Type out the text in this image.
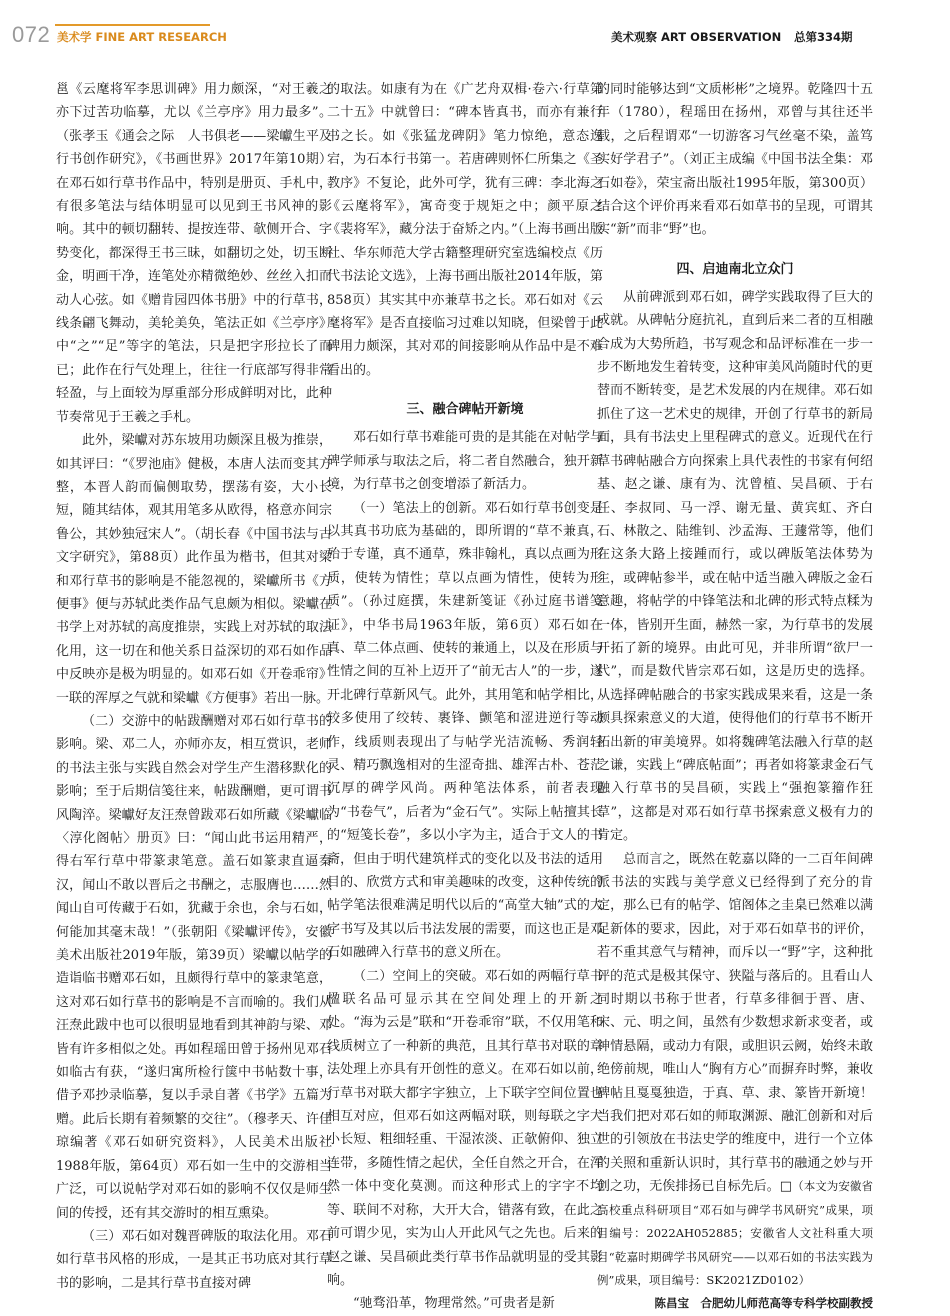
072 美术学 FINE ART RESEARCH	美术观察 ART OBSERVATION 总第334期

邕《云麾将军李思训碑》用力颇深，“对王羲之亦下过苦功临摹，尤以《兰亭序》用力最多”。（张孝玉《通会之际　人书俱老——梁巘生平及行书创作研究》，《书画世界》2017年第10期）在邓石如行草书作品中，特别是册页、手札中，有很多笔法与结体明显可以见到王书风神的影响。其中的顿切翻转、提按连带、欹侧开合、字势变化，都深得王书三昧，如翻切之处，切玉断金，明画干净，连笔处亦精微绝妙、丝丝入扣而动人心弦。如《赠肯园四体书册》中的行草书，线条翩飞舞动，美轮美奂，笔法正如《兰亭序》中“之”“足”等字的笔法，只是把字形拉长了而已；此作在行气处理上，往往一行底部写得非常轻盈，与上面较为厚重部分形成鲜明对比，此种节奏常见于王羲之手札。

此外，梁巘对苏东坡用功颇深且极为推崇，如其评曰：“《罗池庙》健极，本唐人法而变其方整，本晋人韵而偏侧取势，摆荡有姿，大小长短，随其结体，观其用笔多从欧得，格意亦间宗鲁公，其妙独冠宋人”。（胡长春《中国书法与古文字研究》，第88页）此作虽为楷书，但其对梁和邓行草书的影响是不能忽视的，梁巘所书《方便事》便与苏轼此类作品气息颇为相似。梁巘在书学上对苏轼的高度推崇，实践上对苏轼的取法化用，这一切在和他关系日益深切的邓石如作品中反映亦是极为明显的。如邓石如《开卷乖帘》一联的浑厚之气就和梁巘《方便事》若出一脉。

（二）交游中的帖跋酬赠对邓石如行草书的影响。梁、邓二人，亦师亦友，相互赏识，老师的书法主张与实践自然会对学生产生潜移默化的影响；至于后期信笺往来，帖跋酬赠，更可谓书风陶淬。梁巘好友汪焘曾跋邓石如所藏《梁巘临〈淳化阁帖〉册页》曰：“闻山此书运用精严，得右军行草中带篆隶笔意。盖石如篆隶直逼秦汉，闻山不敢以晋后之书酬之，志服膺也……然闻山自可传藏于石如，犹藏于余也，余与石如，何能加其毫末哉！”（张朝阳《梁巘评传》，安徽美术出版社2019年版，第39页）梁巘以帖学的造诣临书赠邓石如，且颇得行草中的篆隶笔意，这对邓石如行草书的影响是不言而喻的。我们从汪焘此跋中也可以很明显地看到其神韵与梁、邓皆有许多相似之处。再如程瑶田曾于扬州见邓石如临古有获，“遂归寓所检行箧中书帖数十事，借予邓抄录临摹，复以手录自著《书学》五篇为赠。此后长期有着频繁的交往”。（穆孝天、许佳琼编著《邓石如研究资料》，人民美术出版社1988年版，第64页）邓石如一生中的交游相当广泛，可以说帖学对邓石如的影响不仅仅是师生间的传授，还有其交游时的相互熏染。

（三）邓石如对魏晋碑版的取法化用。邓石如行草书风格的形成，一是其正书功底对其行草书的影响，二是其行草书直接对碑

的取法。如康有为在《广艺舟双楫·卷六·行草第二十五》中就曾曰：“碑本皆真书，而亦有兼行书之长。如《张猛龙碑阴》笔力惊绝，意态逸宕，为石本行书第一。若唐碑则怀仁所集之《圣教序》不复论，此外可学，犹有三碑：李北海之《云麾将军》，寓奇变于规矩之中；颜平原之《裴将军》，藏分法于奋矫之内。”（上海书画出版社、华东师范大学古籍整理研究室选编校点《历代书法论文选》，上海书画出版社2014年版，第858页）其实其中亦兼草书之长。邓石如对《云麾将军》是否直接临习过难以知晓，但梁曾于此碑用力颇深，其对邓的间接影响从作品中是不难看出的。

三、融合碑帖开新境

邓石如行草书难能可贵的是其能在对帖学与碑学师承与取法之后，将二者自然融合，独开新境，为行草书之创变增添了新活力。

（一）笔法上的创新。邓石如行草书创变是以其真书功底为基础的，即所谓的“草不兼真，殆于专谨，真不通草，殊非翰札，真以点画为形质，使转为情性；草以点画为情性，使转为形质”。（孙过庭撰，朱建新笺证《孙过庭书谱笺证》，中华书局1963年版，第6页）邓石如在真、草二体点画、使转的兼通上，以及在形质与性情之间的互补上迈开了“前无古人”的一步，遂开北碑行草新风气。此外，其用笔和帖学相比，较多使用了绞转、裹锋、颤笔和涩进逆行等动作，线质则表现出了与帖学光洁流畅、秀润轻灵、精巧飘逸相对的生涩奇拙、雄浑古朴、苍茫沉厚的碑学风尚。两种笔法体系，前者表现为“书卷气”，后者为“金石气”。实际上帖擅其长的“短笺长卷”，多以小字为主，适合于文人的书斋，但由于明代建筑样式的变化以及书法的适用目的、欣赏方式和审美趣味的改变，这种传统的帖学笔法很难满足明代以后的“高堂大轴”式的大字书写及其以后书法发展的需要，而这也正是邓石如融碑入行草书的意义所在。

（二）空间上的突破。邓石如的两幅行草书楹联名品可显示其在空间处理上的开新之处。“海为云是”联和“开卷乖帘”联，不仅用笔和线质树立了一种新的典范，且其行草书对联的章法处理上亦具有开创性的意义。在邓石如以前，行草书对联大都字字独立，上下联字空间位置也相互对应，但邓石如这两幅对联，则每联之字大小长短、粗细轻重、干湿浓淡、正欹俯仰、独立连带，多随性情之起伏，全任自然之开合，在浑然一体中变化莫测。而这种形式上的字字不均等、联间不对称，大开大合，错落有致，在此之前可谓少见，实为山人开此风气之先也。后来的赵之谦、吴昌硕此类行草书作品就明显的受其影响。

“驰骛沿革，物理常然。”可贵者是新

的同时能够达到“文质彬彬”之境界。乾隆四十五年（1780），程瑶田在扬州，邓曾与其往还半载，之后程谓邓“一切游客习气丝毫不染，盖笃实好学君子”。（刘正主成编《中国书法全集：邓石如卷》，荣宝斋出版社1995年版，第300页）结合这个评价再来看邓石如草书的呈现，可谓其实“新”而非“野”也。

四、启迪南北立众门

从前碑派到邓石如，碑学实践取得了巨大的成就。从碑帖分庭抗礼，直到后来二者的互相融合成为大势所趋，书写观念和品评标准在一步一步不断地发生着转变，这种审美风尚随时代的更替而不断转变，是艺术发展的内在规律。邓石如抓住了这一艺术史的规律，开创了行草书的新局面，具有书法史上里程碑式的意义。近现代在行草书碑帖融合方向探索上具代表性的书家有何绍基、赵之谦、康有为、沈曾植、吴昌硕、于右任、李叔同、马一浮、谢无量、黄宾虹、齐白石、林散之、陆维钊、沙孟海、王蘧常等，他们在这条大路上接踵而行，或以碑版笔法体势为主，或碑帖参半，或在帖中适当融入碑版之金石意趣，将帖学的中锋笔法和北碑的形式特点糅为一体，皆别开生面，赫然一家，为行草书的发展开拓了新的境界。由此可见，并非所谓“欲尸一代”，而是数代皆宗邓石如，这是历史的选择。从选择碑帖融合的书家实践成果来看，这是一条颇具探索意义的大道，使得他们的行草书不断开拓出新的审美境界。如将魏碑笔法融入行草的赵之谦，实践上“碑底帖面”；再者如将篆隶金石气融入行草书的吴昌硕，实践上“强抱篆籀作狂草”，这都是对邓石如行草书探索意义极有力的肯定。

总而言之，既然在乾嘉以降的一二百年间碑派书法的实践与美学意义已经得到了充分的肯定，那么已有的帖学、馆阁体之圭臬已然难以满足新体的要求，因此，对于邓石如草书的评价，若不重其意气与精神，而斥以一“野”字，这种批评的范式是极其保守、狭隘与落后的。且看山人同时期以书称于世者，行草多徘徊于晋、唐、宋、元、明之间，虽然有少数想求新求变者，或神情悬隔，或动力有限，或胆识云阙，始终未敢绝傍前规，唯山人“胸有方心”而摒弃时弊，兼收碑帖且戛戛独造，于真、草、隶、篆皆开新境！当我们把对邓石如的师取渊源、融汇创新和对后世的引领放在书法史学的维度中，进行一个立体的关照和重新认识时，其行草书的融通之妙与开创之功，无俟排扬已自标先后。□（本文为安徽省高校重点科研项目“邓石如与碑学书风研究”成果，项目编号：2022AH052885；安徽省人文社科重大项目“乾嘉时期碑学书风研究——以邓石如的书法实践为例”成果，项目编号：SK2021ZD0102）

陈昌宝　合肥幼儿师范高等专科学校副教授
